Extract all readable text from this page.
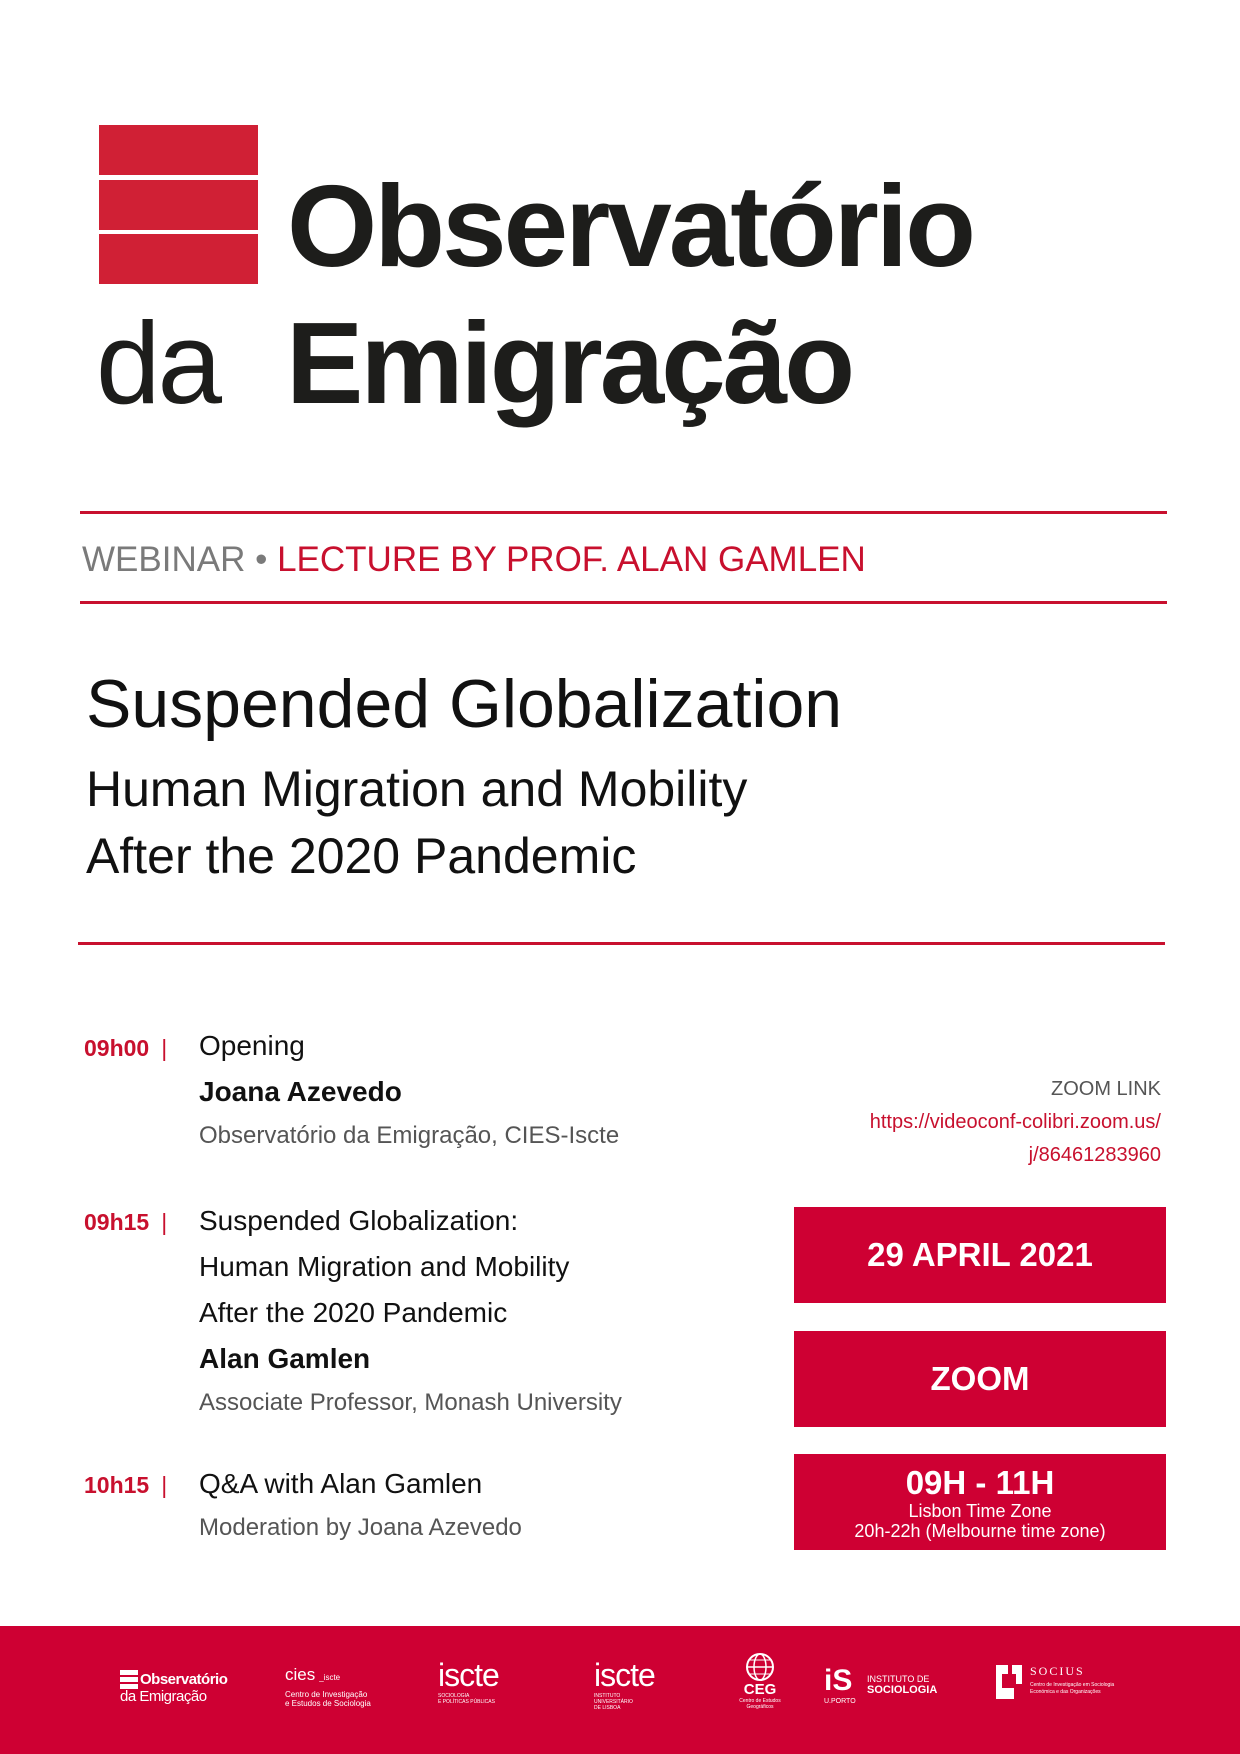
Observatório
da Emigração
WEBINAR • LECTURE BY PROF. ALAN GAMLEN
Suspended Globalization
Human Migration and Mobility
After the 2020 Pandemic
09h00 | Opening
Joana Azevedo
Observatório da Emigração, CIES-Iscte
09h15 | Suspended Globalization:
Human Migration and Mobility
After the 2020 Pandemic
Alan Gamlen
Associate Professor, Monash University
10h15 | Q&A with Alan Gamlen
Moderation by Joana Azevedo
ZOOM LINK
https://videoconf-colibri.zoom.us/
j/86461283960
29 APRIL 2021
ZOOM
09H - 11H
Lisbon Time Zone
20h-22h (Melbourne time zone)
Observatório
da Emigração
cies _iscte
Centro de Investigação
e Estudos de Sociologia
iscte
SOCIOLOGIA
E POLÍTICAS PÚBLICAS
iscte
INSTITUTO
UNIVERSITÁRIO
DE LISBOA
CEG
Centro de Estudos
Geográficos
iS INSTITUTO DE
SOCIOLOGIA
U.PORTO
SOCIUS
Centro de Investigação em Sociologia
Económica e das Organizações
